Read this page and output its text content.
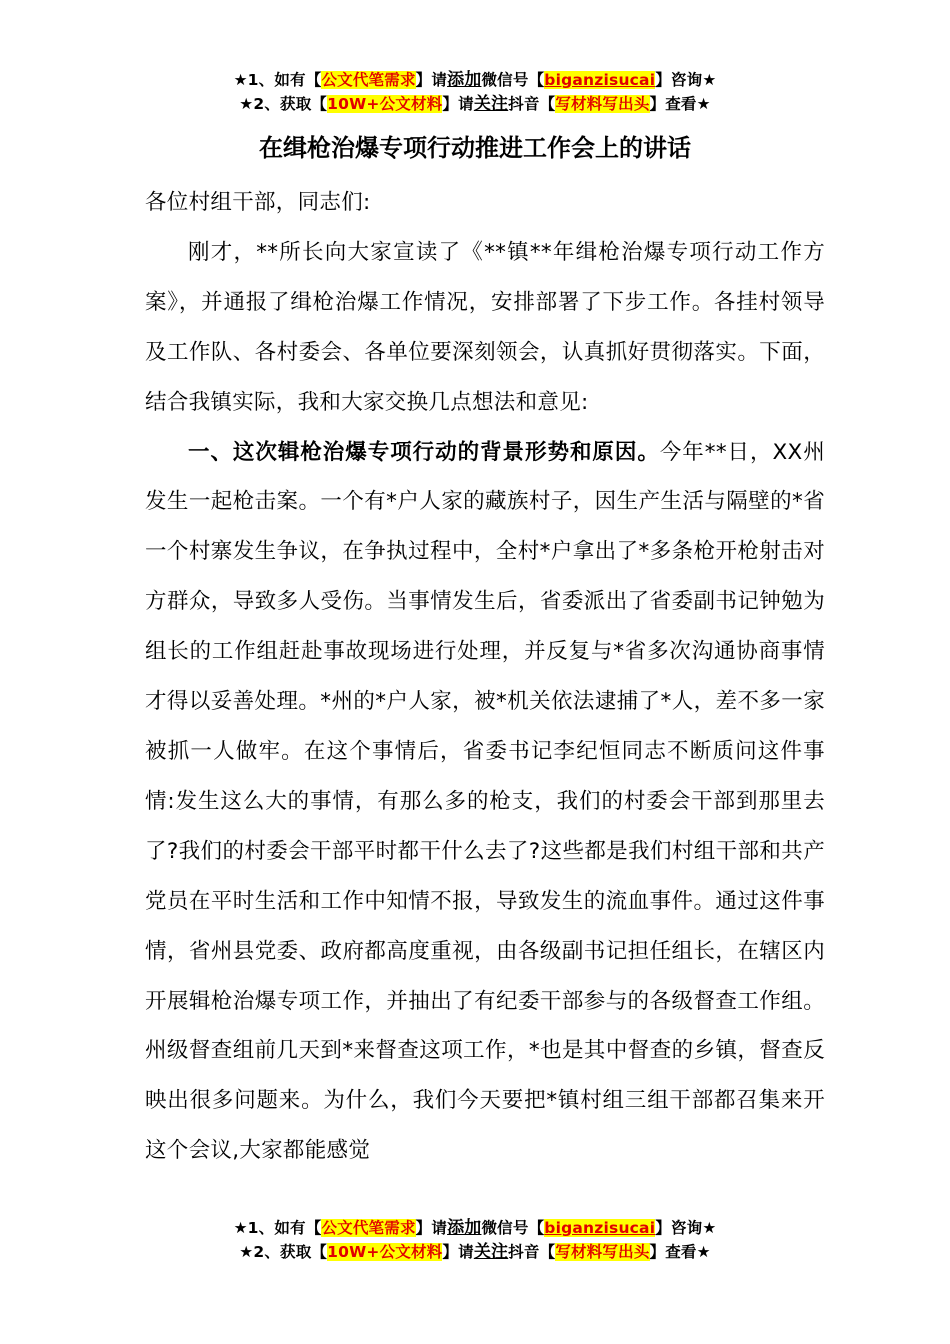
★1、如有【公文代笔需求】请添加微信号【biganzisucai】咨询★
★2、获取【10W+公文材料】请关注抖音【写材料写出头】查看★
在缉枪治爆专项行动推进工作会上的讲话

各位村组干部，同志们:

刚才，**所长向大家宣读了《**镇**年缉枪治爆专项行动工作方案》，并通报了缉枪治爆工作情况，安排部署了下步工作。各挂村领导及工作队、各村委会、各单位要深刻领会，认真抓好贯彻落实。下面，结合我镇实际，我和大家交换几点想法和意见:

一、这次辑枪治爆专项行动的背景形势和原因。今年**日，XX州发生一起枪击案。一个有*户人家的藏族村子，因生产生活与隔壁的*省一个村寨发生争议，在争执过程中，全村*户拿出了*多条枪开枪射击对方群众，导致多人受伤。当事情发生后，省委派出了省委副书记钟勉为组长的工作组赶赴事故现场进行处理，并反复与*省多次沟通协商事情才得以妥善处理。*州的*户人家，被*机关依法逮捕了*人，差不多一家被抓一人做牢。在这个事情后，省委书记李纪恒同志不断质问这件事情:发生这么大的事情，有那么多的枪支，我们的村委会干部到那里去了?我们的村委会干部平时都干什么去了?这些都是我们村组干部和共产党员在平时生活和工作中知情不报，导致发生的流血事件。通过这件事情，省州县党委、政府都高度重视，由各级副书记担任组长，在辖区内开展辑枪治爆专项工作，并抽出了有纪委干部参与的各级督查工作组。州级督查组前几天到*来督查这项工作，*也是其中督查的乡镇，督查反映出很多问题来。为什么，我们今天要把*镇村组三组干部都召集来开这个会议,大家都能感觉

★1、如有【公文代笔需求】请添加微信号【biganzisucai】咨询★
★2、获取【10W+公文材料】请关注抖音【写材料写出头】查看★
